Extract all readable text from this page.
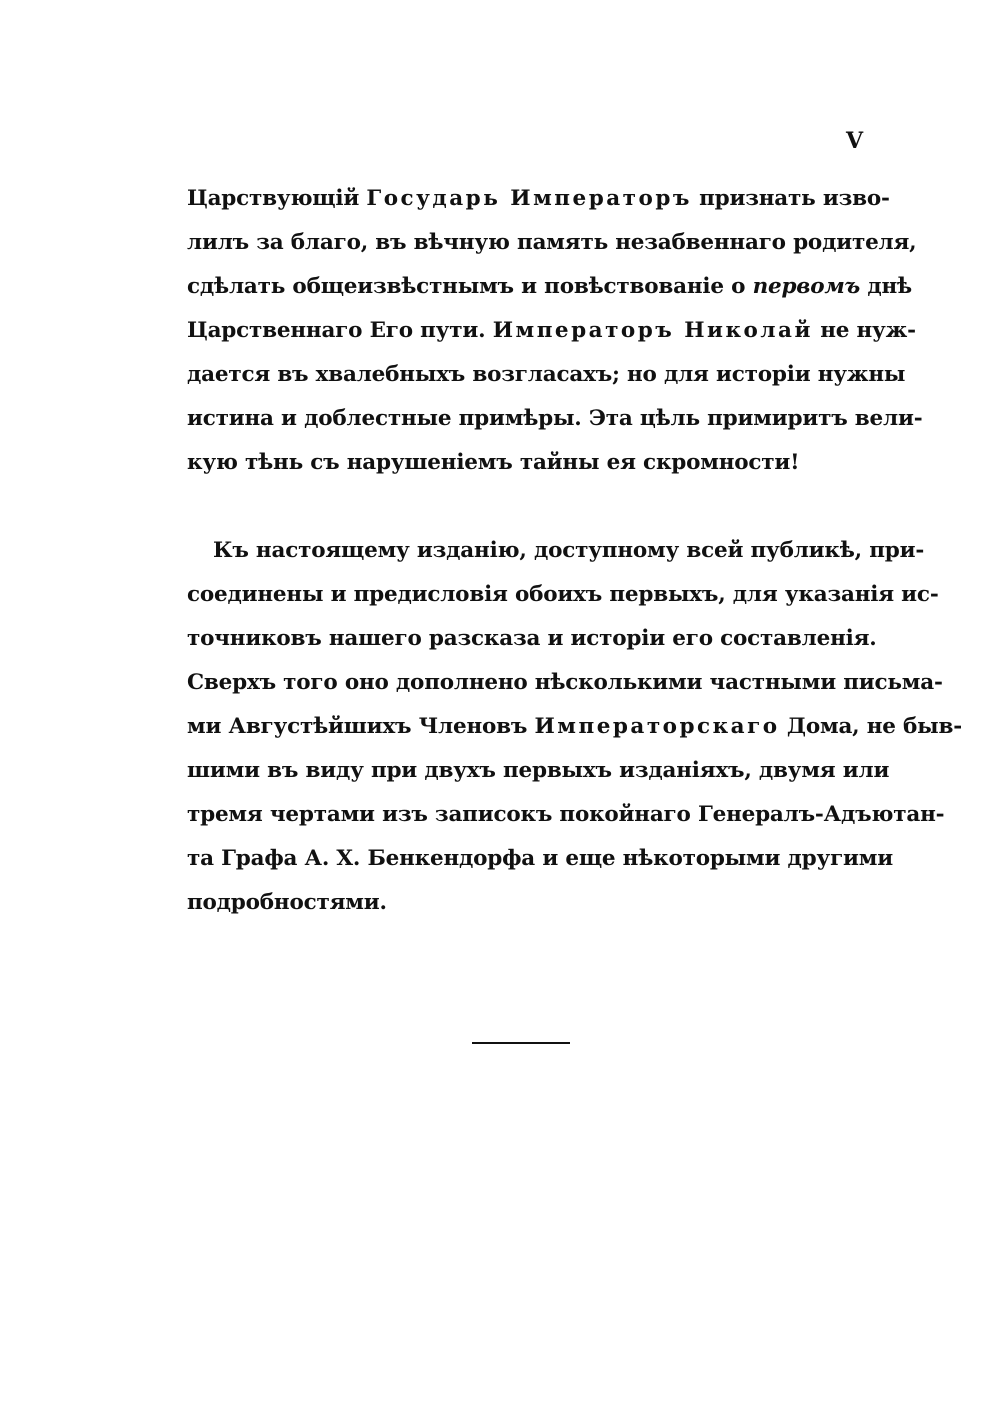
V
Царствующій Государь Императоръ признать изво-
лилъ за благо, въ вѣчную память незабвеннаго родителя,
сдѣлать общеизвѣстнымъ и повѣствованіе о первомъ днѣ
Царственнаго Его пути. Императоръ Николай не нуж-
дается въ хвалебныхъ возгласахъ; но для исторіи нужны
истина и доблестные примѣры. Эта цѣль примиритъ вели-
кую тѣнь съ нарушеніемъ тайны ея скромности!
Къ настоящему изданію, доступному всей публикѣ, при-
соединены и предисловія обоихъ первыхъ, для указанія ис-
точниковъ нашего разсказа и исторіи его составленія.
Сверхъ того оно дополнено нѣсколькими частными письма-
ми Августѣйшихъ Членовъ Императорскаго Дома, не быв-
шими въ виду при двухъ первыхъ изданіяхъ, двумя или
тремя чертами изъ записокъ покойнаго Генералъ-Адъютан-
та Графа А. Х. Бенкендорфа и еще нѣкоторыми другими
подробностями.
